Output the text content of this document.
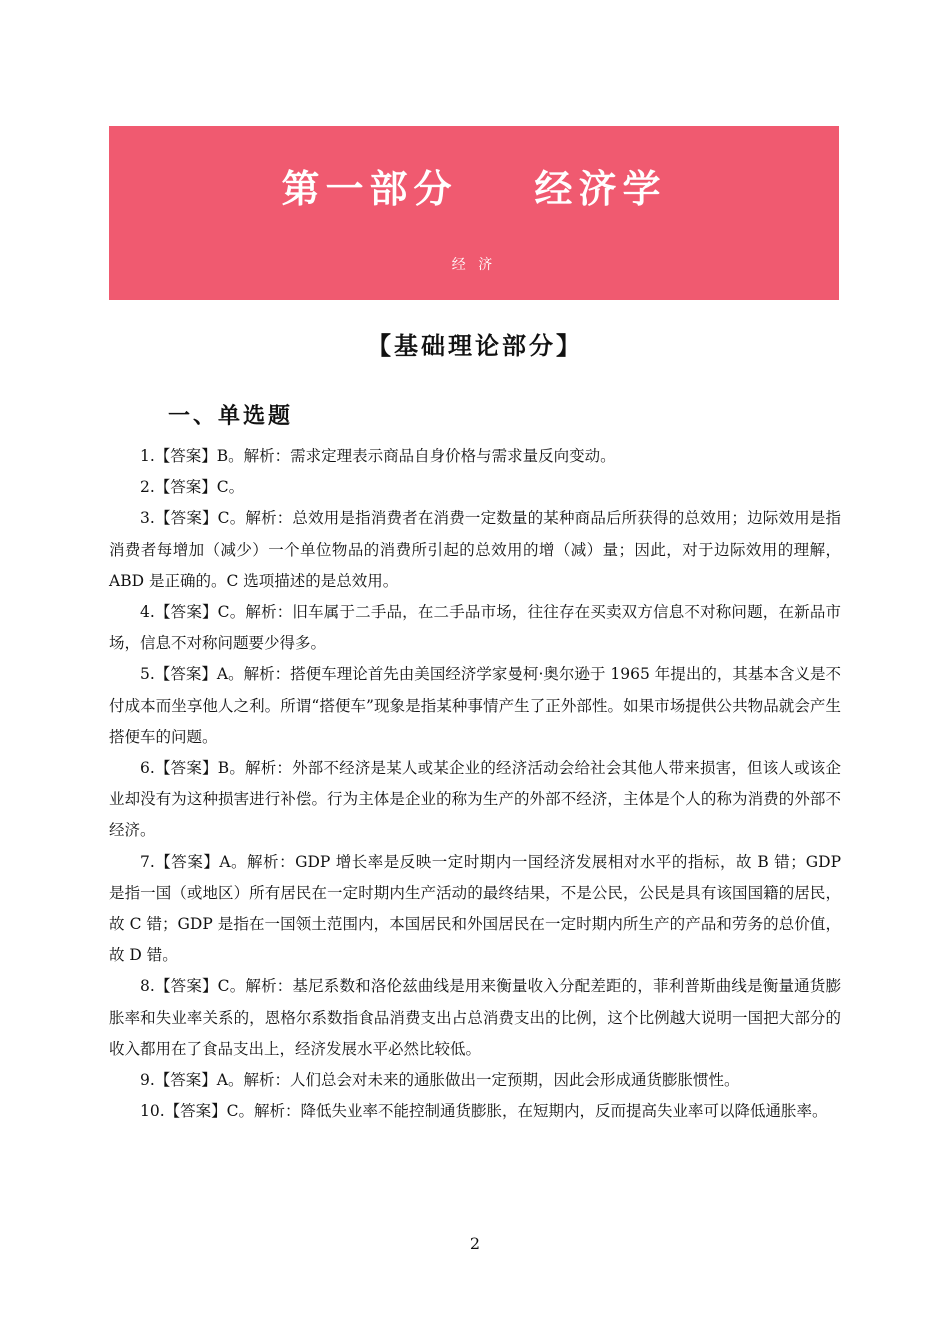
第一部分    经济学
经 济
【基础理论部分】
一、单选题

1.【答案】B。解析：需求定理表示商品自身价格与需求量反向变动。

2.【答案】C。

3.【答案】C。解析：总效用是指消费者在消费一定数量的某种商品后所获得的总效用；边际效用是指消费者每增加（减少）一个单位物品的消费所引起的总效用的增（减）量；因此，对于边际效用的理解，ABD 是正确的。C 选项描述的是总效用。

4.【答案】C。解析：旧车属于二手品，在二手品市场，往往存在买卖双方信息不对称问题，在新品市场，信息不对称问题要少得多。

5.【答案】A。解析：搭便车理论首先由美国经济学家曼柯·奥尔逊于 1965 年提出的，其基本含义是不付成本而坐享他人之利。所谓“搭便车”现象是指某种事情产生了正外部性。如果市场提供公共物品就会产生搭便车的问题。

6.【答案】B。解析：外部不经济是某人或某企业的经济活动会给社会其他人带来损害，但该人或该企业却没有为这种损害进行补偿。行为主体是企业的称为生产的外部不经济，主体是个人的称为消费的外部不经济。

7.【答案】A。解析：GDP 增长率是反映一定时期内一国经济发展相对水平的指标，故 B 错；GDP 是指一国（或地区）所有居民在一定时期内生产活动的最终结果，不是公民，公民是具有该国国籍的居民，故 C 错；GDP 是指在一国领土范围内，本国居民和外国居民在一定时期内所生产的产品和劳务的总价值，故 D 错。

8.【答案】C。解析：基尼系数和洛伦兹曲线是用来衡量收入分配差距的，菲利普斯曲线是衡量通货膨胀率和失业率关系的，恩格尔系数指食品消费支出占总消费支出的比例，这个比例越大说明一国把大部分的收入都用在了食品支出上，经济发展水平必然比较低。

9.【答案】A。解析：人们总会对未来的通胀做出一定预期，因此会形成通货膨胀惯性。

10.【答案】C。解析：降低失业率不能控制通货膨胀，在短期内，反而提高失业率可以降低通胀率。

2
